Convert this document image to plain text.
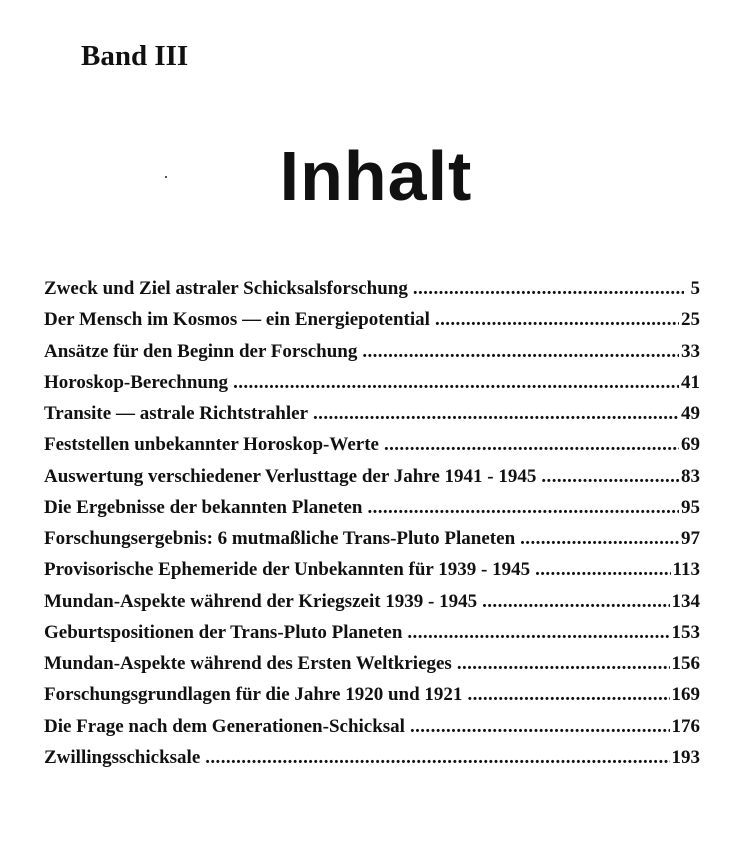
Band III
Inhalt
Zweck und Ziel astraler Schicksalsforschung .....	5
Der Mensch im Kosmos — ein Energiepotential .....	25
Ansätze für den Beginn der Forschung .....	33
Horoskop-Berechnung .....	41
Transite — astrale Richtstrahler .....	49
Feststellen unbekannter Horoskop-Werte .....	69
Auswertung verschiedener Verlusttage der Jahre 1941 - 1945 .....	83
Die Ergebnisse der bekannten Planeten .....	95
Forschungsergebnis: 6 mutmaßliche Trans-Pluto Planeten .....	97
Provisorische Ephemeride der Unbekannten für 1939 - 1945 .....	113
Mundan-Aspekte während der Kriegszeit 1939 - 1945 .....	134
Geburtspositionen der Trans-Pluto Planeten .....	153
Mundan-Aspekte während des Ersten Weltkrieges .....	156
Forschungsgrundlagen für die Jahre 1920 und 1921 .....	169
Die Frage nach dem Generationen-Schicksal .....	176
Zwillingsschicksale .....	193
